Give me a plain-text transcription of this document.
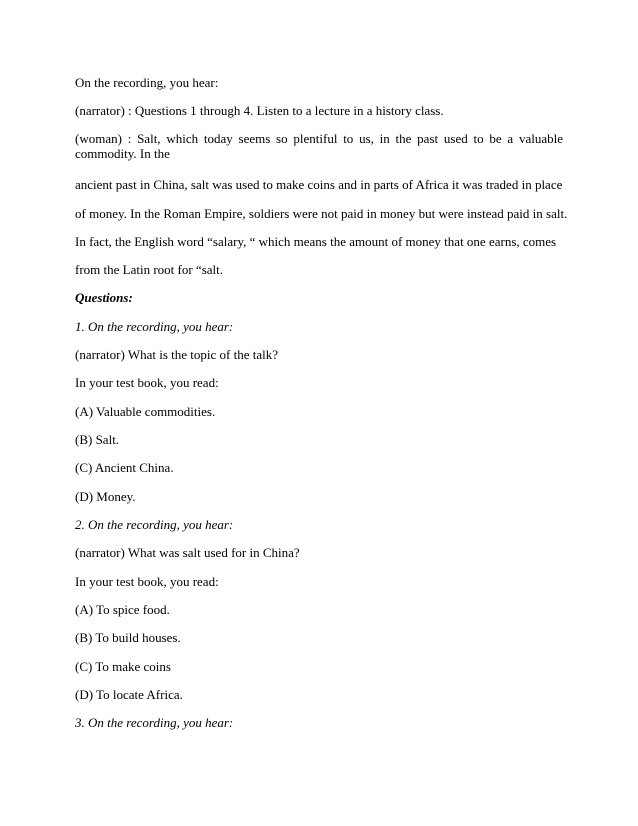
On the recording, you hear:
(narrator) : Questions 1 through 4. Listen to a lecture in a history class.
(woman) : Salt, which today seems so plentiful to us, in the past used to be a valuable
commodity. In the
ancient past in China, salt was used to make coins and in parts of Africa it was traded in place
of money. In the Roman Empire, soldiers were not paid in money but were instead paid in salt.
In fact, the English word “salary, “ which means the amount of money that one earns, comes
from the Latin root for “salt.
Questions:
1. On the recording, you hear:
(narrator) What is the topic of the talk?
In your test book, you read:
(A) Valuable commodities.
(B) Salt.
(C) Ancient China.
(D) Money.
2. On the recording, you hear:
(narrator) What was salt used for in China?
In your test book, you read:
(A) To spice food.
(B) To build houses.
(C) To make coins
(D) To locate Africa.
3. On the recording, you hear:
